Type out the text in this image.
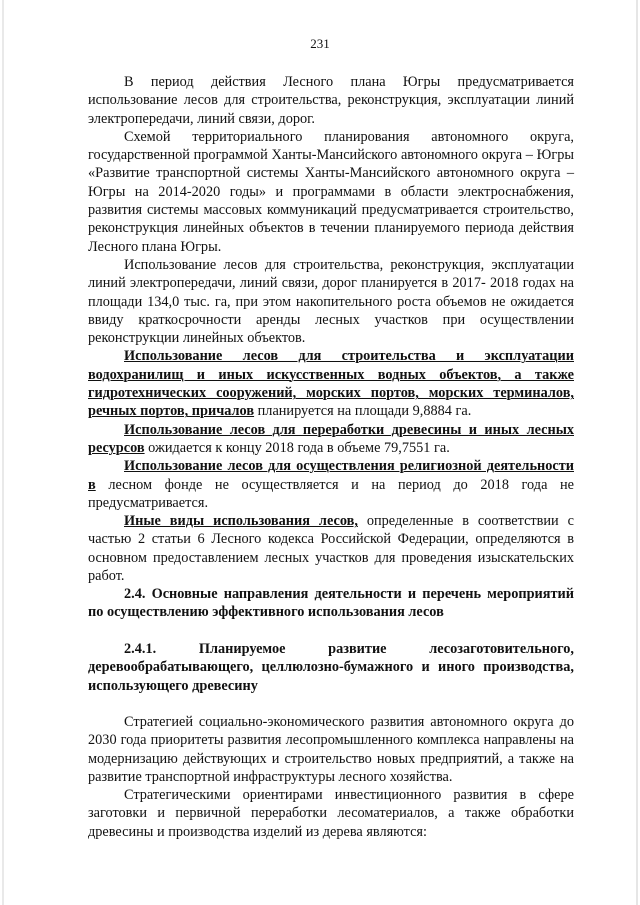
231

В период действия Лесного плана Югры предусматривается использование лесов для строительства, реконструкция, эксплуатации линий электропередачи, линий связи, дорог.

Схемой территориального планирования автономного округа, государственной программой Ханты-Мансийского автономного округа – Югры «Развитие транспортной системы Ханты-Мансийского автономного округа – Югры на 2014-2020 годы» и программами в области электроснабжения, развития системы массовых коммуникаций предусматривается строительство, реконструкция линейных объектов в течении планируемого периода действия Лесного плана Югры.

Использование лесов для строительства, реконструкция, эксплуатации линий электропередачи, линий связи, дорог планируется в 2017- 2018 годах на площади 134,0 тыс. га, при этом накопительного роста объемов не ожидается ввиду краткосрочности аренды лесных участков при осуществлении реконструкции линейных объектов.

Использование лесов для строительства и эксплуатации водохранилищ и иных искусственных водных объектов, а также гидротехнических сооружений, морских портов, морских терминалов, речных портов, причалов планируется на площади 9,8884 га.

Использование лесов для переработки древесины и иных лесных ресурсов ожидается к концу 2018 года в объеме 79,7551 га.

Использование лесов для осуществления религиозной деятельности в лесном фонде не осуществляется и на период до 2018 года не предусматривается.

Иные виды использования лесов, определенные в соответствии с частью 2 статьи 6 Лесного кодекса Российской Федерации, определяются в основном предоставлением лесных участков для проведения изыскательских работ.

2.4. Основные направления деятельности и перечень мероприятий по осуществлению эффективного использования лесов

2.4.1. Планируемое развитие лесозаготовительного, деревообрабатывающего, целлюлозно-бумажного и иного производства, использующего древесину

Стратегией социально-экономического развития автономного округа до 2030 года приоритеты развития лесопромышленного комплекса направлены на модернизацию действующих и строительство новых предприятий, а также на развитие транспортной инфраструктуры лесного хозяйства.

Стратегическими ориентирами инвестиционного развития в сфере заготовки и первичной переработки лесоматериалов, а также обработки древесины и производства изделий из дерева являются:
